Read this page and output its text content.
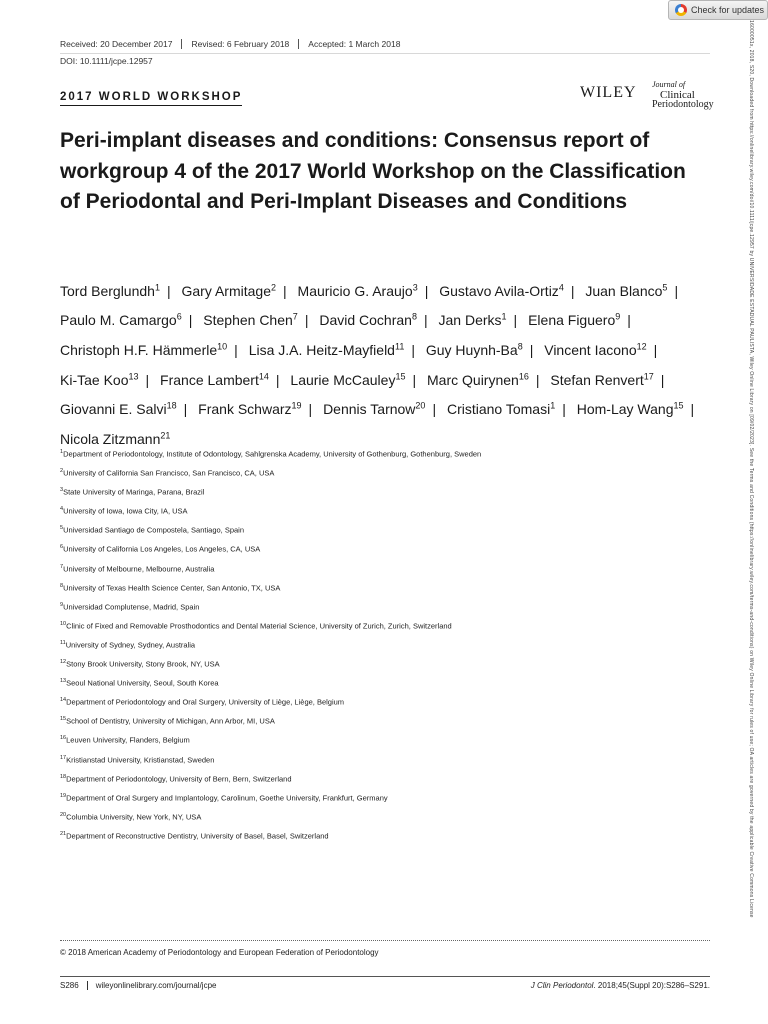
Check for updates
Received: 20 December 2017	Revised: 6 February 2018	Accepted: 1 March 2018
DOI: 10.1111/jcpe.12957
2017 WORLD WORKSHOP	WILEY Journal of
Clinical
Periodontology
Peri-implant diseases and conditions: Consensus report of workgroup 4 of the 2017 World Workshop on the Classification of Periodontal and Peri-Implant Diseases and Conditions
Tord Berglundh$^1$ | Gary Armitage$^2$ | Mauricio G. Araujo$^3$ | Gustavo Avila-Ortiz$^4$ | Juan Blanco$^5$ | Paulo M. Camargo$^6$ | Stephen Chen$^7$ | David Cochran$^8$ | Jan Derks$^1$ | Elena Figuero$^9$ | Christoph H.F. Hämmerle$^{10}$ | Lisa J.A. Heitz-Mayfield$^{11}$ | Guy Huynh-Ba$^8$ | Vincent Iacono$^{12}$ | Ki-Tae Koo$^{13}$ | France Lambert$^{14}$ | Laurie McCauley$^{15}$ | Marc Quirynen$^{16}$ | Stefan Renvert$^{17}$ | Giovanni E. Salvi$^{18}$ | Frank Schwarz$^{19}$ | Dennis Tarnow$^{20}$ | Cristiano Tomasi$^1$ | Hom-Lay Wang$^{15}$ | Nicola Zitzmann$^{21}$
$^1$Department of Periodontology, Institute of Odontology, Sahlgrenska Academy, University of Gothenburg, Gothenburg, Sweden
$^2$University of California San Francisco, San Francisco, CA, USA
$^3$State University of Maringa, Parana, Brazil
$^4$University of Iowa, Iowa City, IA, USA
$^5$Universidad Santiago de Compostela, Santiago, Spain
$^6$University of California Los Angeles, Los Angeles, CA, USA
$^7$University of Melbourne, Melbourne, Australia
$^8$University of Texas Health Science Center, San Antonio, TX, USA
$^9$Universidad Complutense, Madrid, Spain
$^{10}$Clinic of Fixed and Removable Prosthodontics and Dental Material Science, University of Zurich, Zurich, Switzerland
$^{11}$University of Sydney, Sydney, Australia
$^{12}$Stony Brook University, Stony Brook, NY, USA
$^{13}$Seoul National University, Seoul, South Korea
$^{14}$Department of Periodontology and Oral Surgery, University of Liège, Liège, Belgium
$^{15}$School of Dentistry, University of Michigan, Ann Arbor, MI, USA
$^{16}$Leuven University, Flanders, Belgium
$^{17}$Kristianstad University, Kristianstad, Sweden
$^{18}$Department of Periodontology, University of Bern, Bern, Switzerland
$^{19}$Department of Oral Surgery and Implantology, Carolinum, Goethe University, Frankfurt, Germany
$^{20}$Columbia University, New York, NY, USA
$^{21}$Department of Reconstructive Dentistry, University of Basel, Basel, Switzerland
© 2018 American Academy of Periodontology and European Federation of Periodontology
S286	wileyonlinelibrary.com/journal/jcpe	J Clin Periodontol. 2018;45(Suppl 20):S286–S291.
16000051x, 2018, S20, Downloaded from https://onlinelibrary.wiley.com/doi/10.1111/jcpe.12957 by UNIVERSIDADE ESTADUAL PAULISTA, Wiley Online Library on [09/02/2023]. See the Terms and Conditions (https://onlinelibrary.wiley.com/terms-and-conditions) on Wiley Online Library for rules of use; OA articles are governed by the applicable Creative Commons License
